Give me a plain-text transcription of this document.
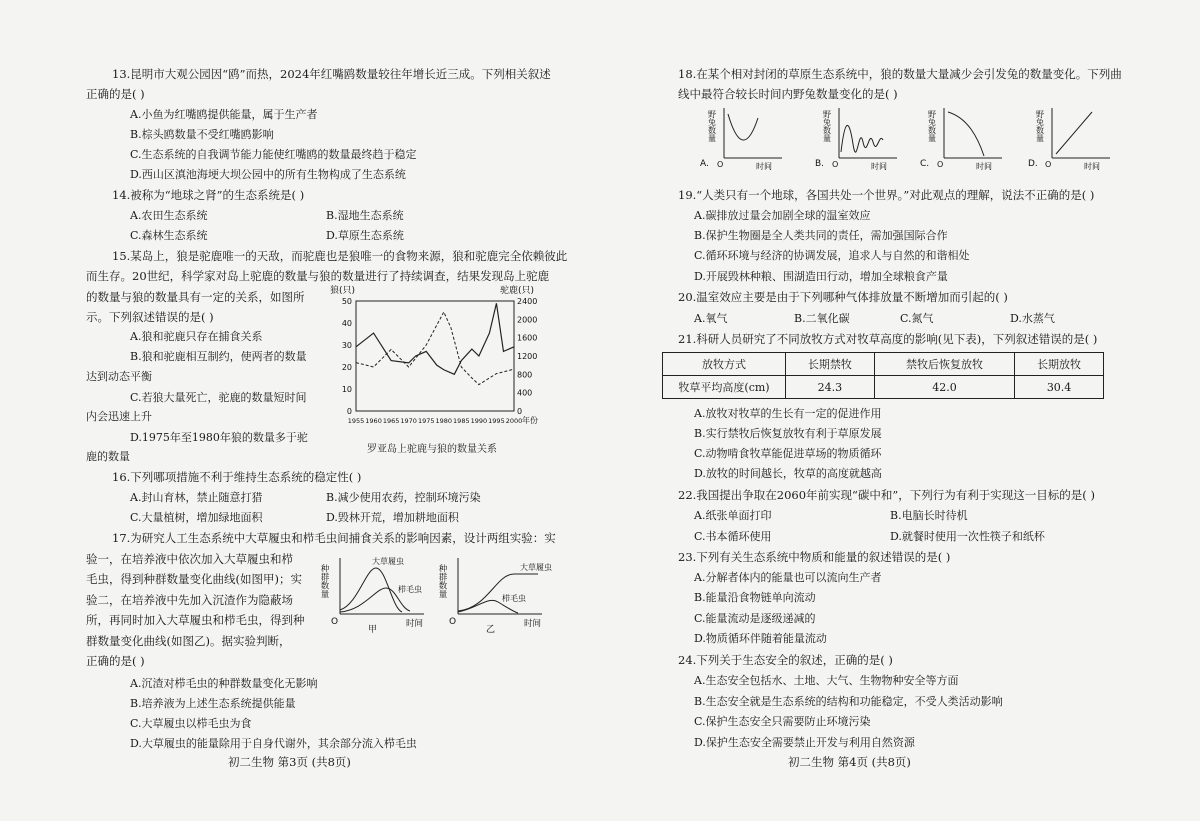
13.昆明市大观公园因“鸥”而热，2024年红嘴鸥数量较往年增长近三成。下列相关叙述
正确的是( )
A.小鱼为红嘴鸥提供能量，属于生产者
B.棕头鸥数量不受红嘴鸥影响
C.生态系统的自我调节能力能使红嘴鸥的数量最终趋于稳定
D.西山区滇池海埂大坝公园中的所有生物构成了生态系统
14.被称为“地球之肾”的生态系统是( )
A.农田生态系统	B.湿地生态系统
C.森林生态系统	D.草原生态系统
15.某岛上，狼是驼鹿唯一的天敌，而驼鹿也是狼唯一的食物来源，狼和驼鹿完全依赖彼此
而生存。20世纪，科学家对岛上驼鹿的数量与狼的数量进行了持续调查，结果发现岛上驼鹿
的数量与狼的数量具有一定的关系，如图所
示。下列叙述错误的是( )
A.狼和驼鹿只存在捕食关系
B.狼和驼鹿相互制约，使两者的数量
达到动态平衡
C.若狼大量死亡，驼鹿的数量短时间
内会迅速上升
D.1975年至1980年狼的数量多于驼
鹿的数量
狼(只)	驼鹿(只)
0
10
20
30
40
50
0
400
800
1200
1600
2000
2400
1955 1960 1965 1970 1975 1980 1985 1990 1995 2000 年份
罗亚岛上驼鹿与狼的数量关系
16.下列哪项措施不利于维持生态系统的稳定性( )
A.封山育林，禁止随意打猎	B.减少使用农药，控制环境污染
C.大量植树，增加绿地面积	D.毁林开荒，增加耕地面积
17.为研究人工生态系统中大草履虫和栉毛虫间捕食关系的影响因素，设计两组实验：实
验一，在培养液中依次加入大草履虫和栉
毛虫，得到种群数量变化曲线(如图甲)；实
验二，在培养液中先加入沉渣作为隐蔽场
所，再同时加入大草履虫和栉毛虫，得到种
群数量变化曲线(如图乙)。据实验判断，
正确的是( )
种群数量
O	时间
甲
大草履虫
栉毛虫 种群数量
O	时间
乙
大草履虫
栉毛虫
A.沉渣对栉毛虫的种群数量变化无影响
B.培养液为上述生态系统提供能量
C.大草履虫以栉毛虫为食
D.大草履虫的能量除用于自身代谢外，其余部分流入栉毛虫
初二生物 第3页 (共8页)
18.在某个相对封闭的草原生态系统中，狼的数量大量减少会引发兔的数量变化。下列曲
线中最符合较长时间内野兔数量变化的是( )
野兔数量
A. O	时间
野兔数量
B. O	时间
野兔数量
C. O	时间
野兔数量
D. O	时间
19.“人类只有一个地球，各国共处一个世界。”对此观点的理解，说法不正确的是( )
A.碳排放过量会加剧全球的温室效应
B.保护生物圈是全人类共同的责任，需加强国际合作
C.循环环境与经济的协调发展，追求人与自然的和谐相处
D.开展毁林种粮、围湖造田行动，增加全球粮食产量
20.温室效应主要是由于下列哪种气体排放量不断增加而引起的( )
A.氧气	B.二氧化碳	C.氮气	D.水蒸气
21.科研人员研究了不同放牧方式对牧草高度的影响(见下表)，下列叙述错误的是( )
放牧方式	长期禁牧	禁牧后恢复放牧	长期放牧
牧草平均高度(cm)	24.3	42.0	30.4
A.放牧对牧草的生长有一定的促进作用
B.实行禁牧后恢复放牧有利于草原发展
C.动物啃食牧草能促进草场的物质循环
D.放牧的时间越长，牧草的高度就越高
22.我国提出争取在2060年前实现“碳中和”，下列行为有利于实现这一目标的是( )
A.纸张单面打印	B.电脑长时待机
C.书本循环使用	D.就餐时使用一次性筷子和纸杯
23.下列有关生态系统中物质和能量的叙述错误的是( )
A.分解者体内的能量也可以流向生产者
B.能量沿食物链单向流动
C.能量流动是逐级递减的
D.物质循环伴随着能量流动
24.下列关于生态安全的叙述，正确的是( )
A.生态安全包括水、土地、大气、生物物种安全等方面
B.生态安全就是生态系统的结构和功能稳定，不受人类活动影响
C.保护生态安全只需要防止环境污染
D.保护生态安全需要禁止开发与利用自然资源
初二生物 第4页 (共8页)
